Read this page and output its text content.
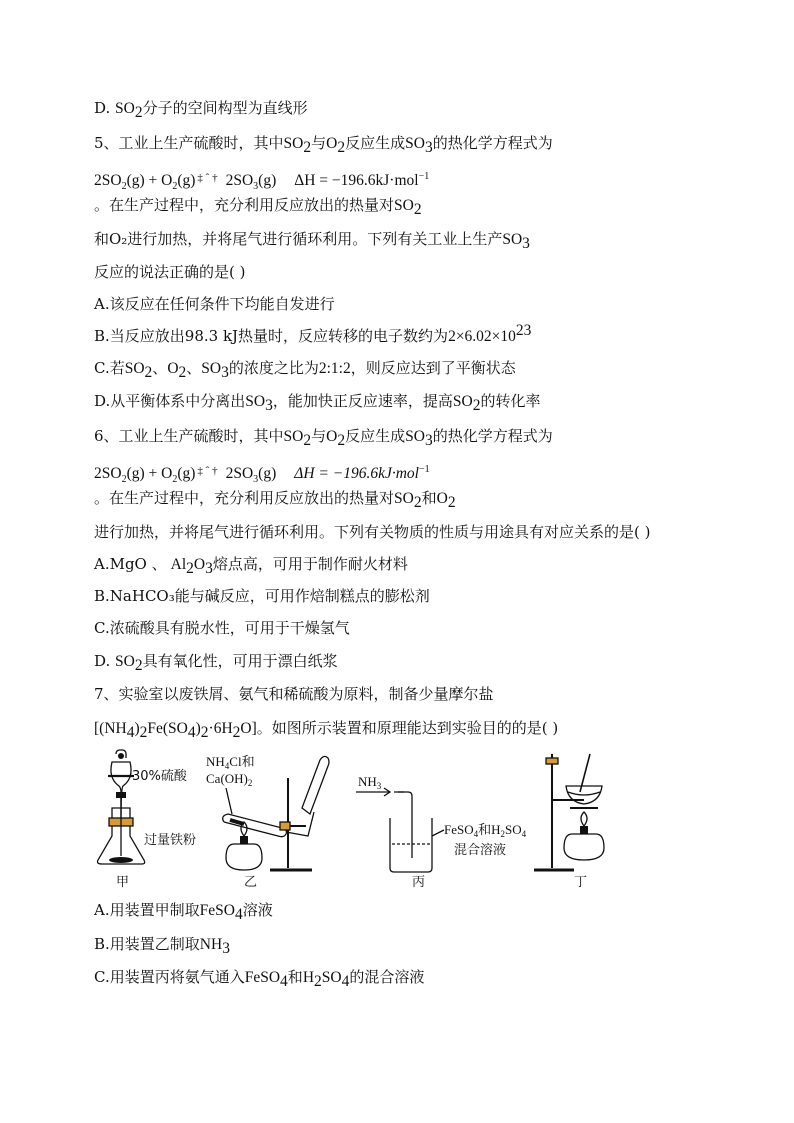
D. $SO_2$分子的空间构型为直线形
5、工业上生产硫酸时，其中$SO_2$与$O_2$反应生成$SO_3$的热化学方程式为
$2SO_2(g) + O_2(g)$ $^{\ddagger ˆ \dagger}$ $2SO_3(g) \Delta H = -196.6kJ\cdot mol^{-1}$
。在生产过程中，充分利用反应放出的热量对$SO_2$
和O₂进行加热，并将尾气进行循环利用。下列有关工业上生产$SO_3$
反应的说法正确的是( )
A.该反应在任何条件下均能自发进行
B.当反应放出98.3 kJ热量时，反应转移的电子数约为$2\times 6.02\times 10^{23}$
C.若$SO_2$、$O_2$、$SO_3$的浓度之比为2:1:2，则反应达到了平衡状态
D.从平衡体系中分离出$SO_3$，能加快正反应速率，提高$SO_2$的转化率
6、工业上生产硫酸时，其中$SO_2$与$O_2$反应生成$SO_3$的热化学方程式为
$2SO_2(g) + O_2(g)$ $^{\ddagger ˆ \dagger}$ $2SO_3(g) \Delta H = -196.6kJ\cdot mol^{-1}$
。在生产过程中，充分利用反应放出的热量对$SO_2$和$O_2$
进行加热，并将尾气进行循环利用。下列有关物质的性质与用途具有对应关系的是( )
A.MgO 、 $Al_2O_3$熔点高，可用于制作耐火材料
B.NaHCO₃能与碱反应，可用作焙制糕点的膨松剂
C.浓硫酸具有脱水性，可用于干燥氢气
D. $SO_2$具有氧化性，可用于漂白纸浆
7、实验室以废铁屑、氨气和稀硫酸为原料，制备少量摩尔盐
$[(NH_4)_2Fe(SO_4)_2\cdot 6H_2O]$。如图所示装置和原理能达到实验目的的是( )
30%硫酸
过量铁粉
甲
$NH_4Cl$和
$Ca(OH)_2$
乙
$NH_3$
FeSO$_4$和$H_2SO_4$
混合溶液
丙	丁
A.用装置甲制取FeSO$_4$溶液
B.用装置乙制取$NH_3$
C.用装置丙将氨气通入FeSO$_4$和$H_2SO_4$的混合溶液
